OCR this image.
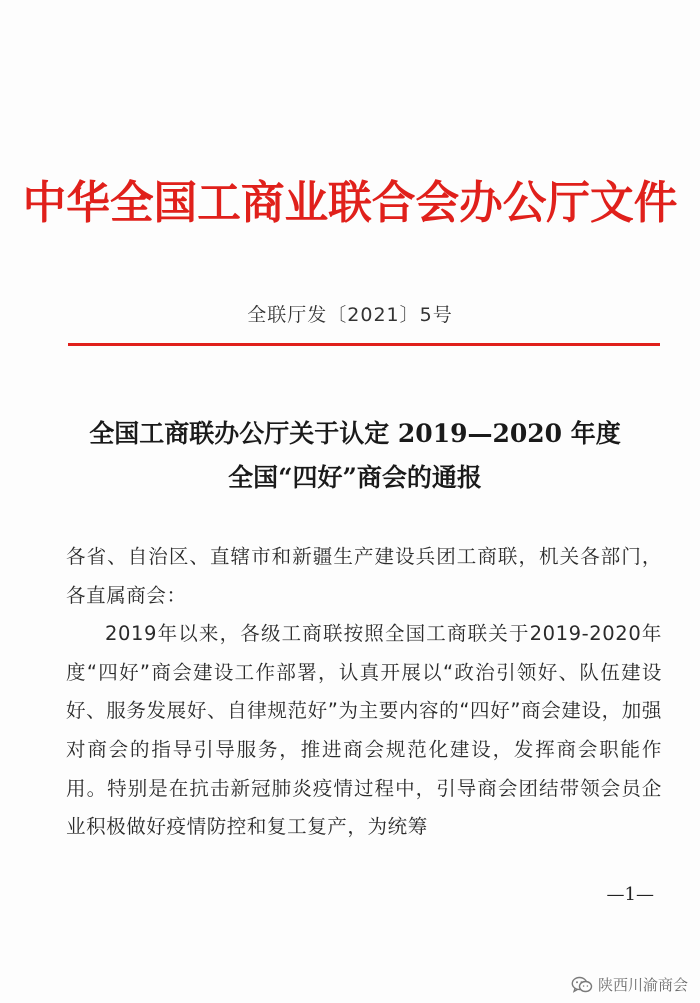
中华全国工商业联合会办公厅文件
全联厅发〔2021〕5号
全国工商联办公厅关于认定 2019—2020 年度
全国“四好”商会的通报

各省、自治区、直辖市和新疆生产建设兵团工商联，机关各部门，各直属商会：

2019年以来，各级工商联按照全国工商联关于2019-2020年度“四好”商会建设工作部署，认真开展以“政治引领好、队伍建设好、服务发展好、自律规范好”为主要内容的“四好”商会建设，加强对商会的指导引导服务，推进商会规范化建设，发挥商会职能作用。特别是在抗击新冠肺炎疫情过程中，引导商会团结带领会员企业积极做好疫情防控和复工复产，为统筹

—1—
陕西川渝商会
